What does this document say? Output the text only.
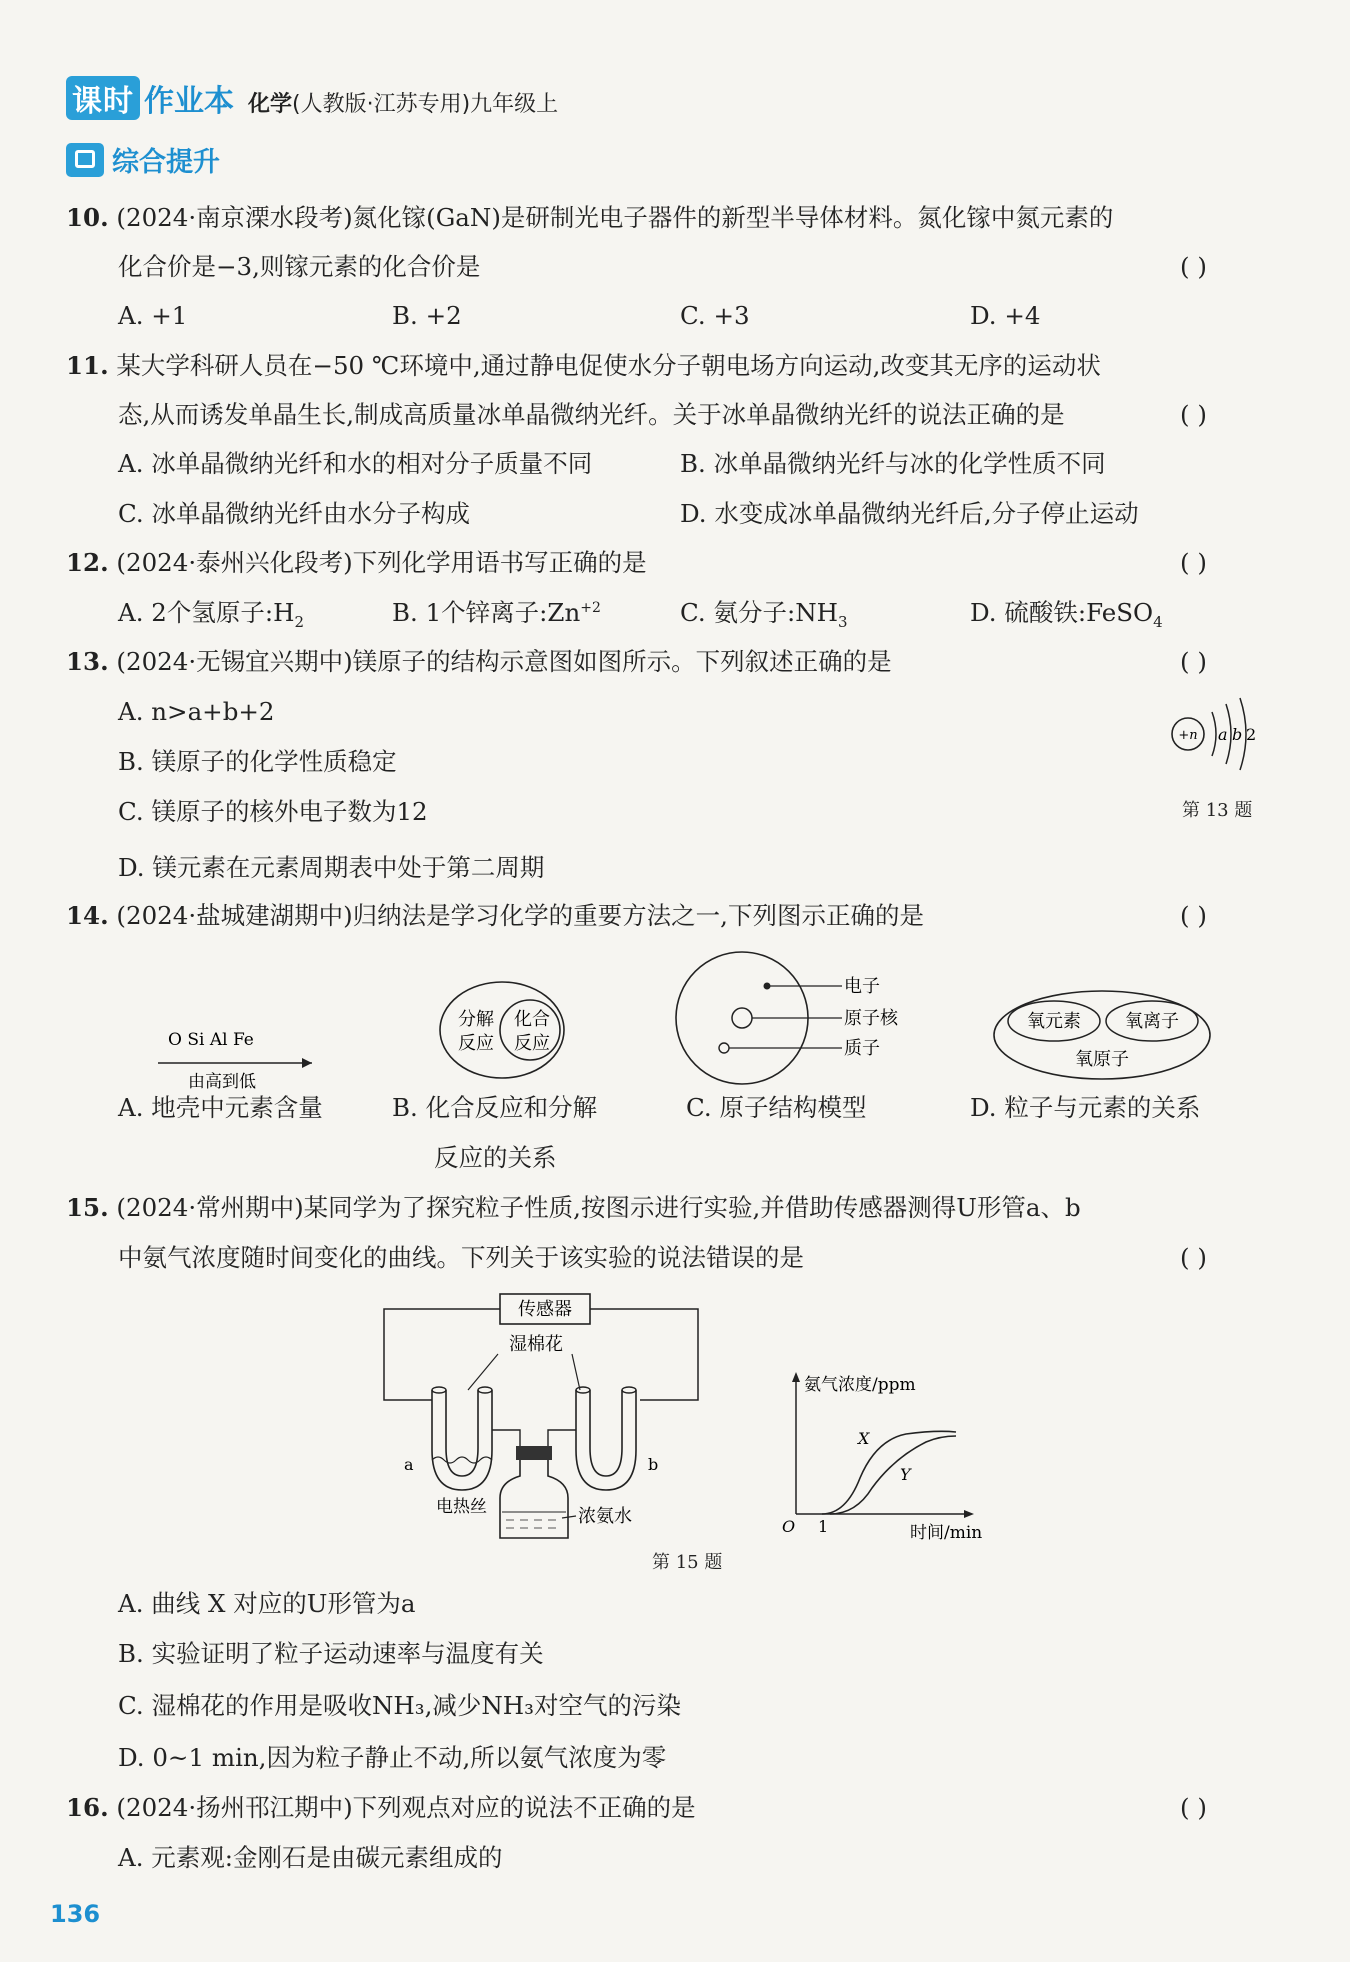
课时 作业本 化学 (人教版·江苏专用)九年级上
综合提升
10. (2024·南京溧水段考)氮化镓(GaN)是研制光电子器件的新型半导体材料。氮化镓中氮元素的
化合价是−3,则镓元素的化合价是	( )
A. +1	B. +2	C. +3	D. +4
11. 某大学科研人员在−50 ℃环境中,通过静电促使水分子朝电场方向运动,改变其无序的运动状
态,从而诱发单晶生长,制成高质量冰单晶微纳光纤。关于冰单晶微纳光纤的说法正确的是	( )
A. 冰单晶微纳光纤和水的相对分子质量不同	B. 冰单晶微纳光纤与冰的化学性质不同
C. 冰单晶微纳光纤由水分子构成	D. 水变成冰单晶微纳光纤后,分子停止运动
12. (2024·泰州兴化段考)下列化学用语书写正确的是	( )
A. 2个氢原子$:H_2$	B. 1个锌离子$:Zn^{+2}$	C. 氨分子$:NH_3$	D. 硫酸铁:FeSO$_4$
13. (2024·无锡宜兴期中)镁原子的结构示意图如图所示。下列叙述正确的是	( )
A. n>a+b+2
B. 镁原子的化学性质稳定
C. 镁原子的核外电子数为12
D. 镁元素在元素周期表中处于第二周期
+n a b 2
第 13 题
14. (2024·盐城建湖期中)归纳法是学习化学的重要方法之一,下列图示正确的是	( )
O Si Al Fe
由高到低
分解
反应
化合
反应
电子
原子核
质子
氧元素 氧离子
氧原子
A. 地壳中元素含量	B. 化合反应和分解
反应的关系
C. 原子结构模型	D. 粒子与元素的关系
15. (2024·常州期中)某同学为了探究粒子性质,按图示进行实验,并借助传感器测得U形管a、b
中氨气浓度随时间变化的曲线。下列关于该实验的说法错误的是	( )
传感器
湿棉花
a	b
电热丝	浓氨水
氨气浓度/ppm
O 1	时间/min
X
Y
第 15 题
A. 曲线 X 对应的U形管为a
B. 实验证明了粒子运动速率与温度有关
C. 湿棉花的作用是吸收NH₃,减少NH₃对空气的污染
D. 0~1 min,因为粒子静止不动,所以氨气浓度为零
16. (2024·扬州邗江期中)下列观点对应的说法不正确的是	( )
A. 元素观:金刚石是由碳元素组成的
136
